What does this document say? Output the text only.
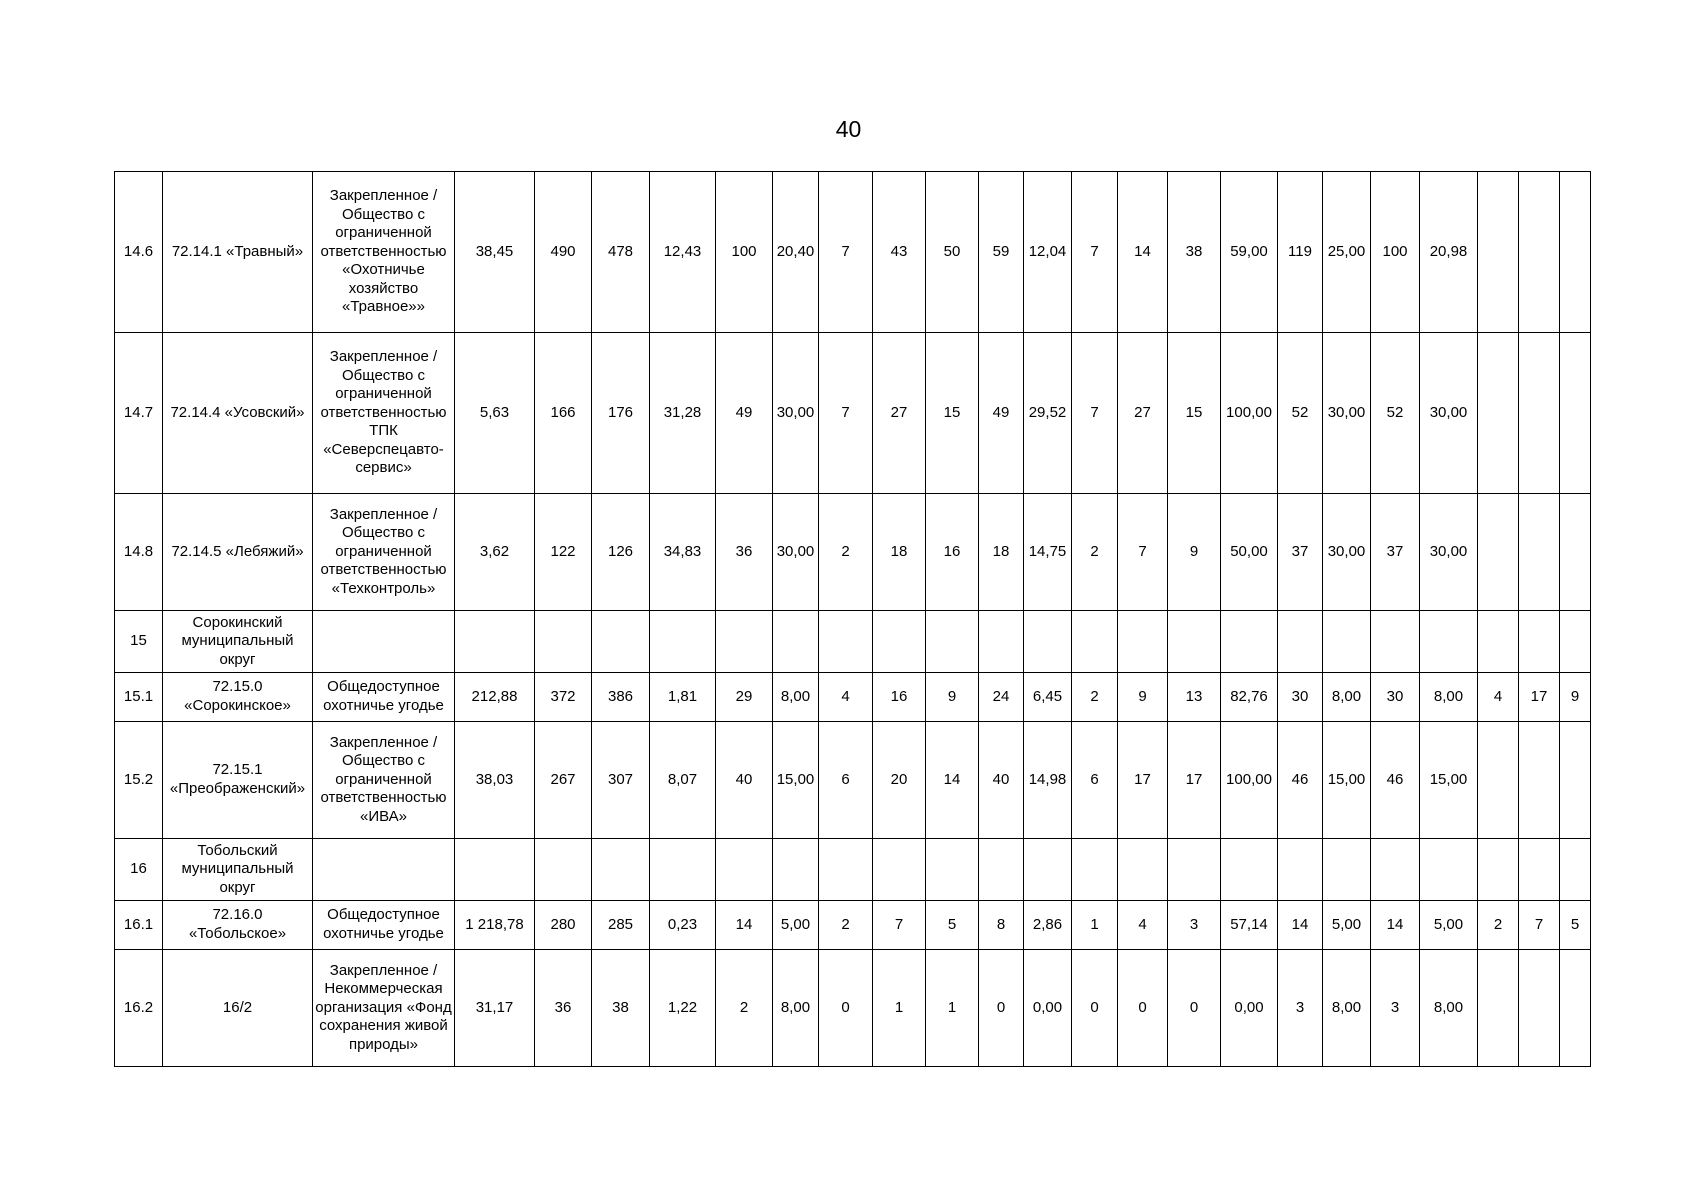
40
14.6	72.14.1 «Травный»	Закрепленное / Общество с ограниченной ответственностью «Охотничье хозяйство «Травное»»	38,45	490	478	12,43	100	20,40	7	43	50	59	12,04	7	14	38	59,00	119	25,00	100	20,98			
14.7	72.14.4 «Усовский»	Закрепленное / Общество с ограниченной ответственностью ТПК «Северспецавто-сервис»	5,63	166	176	31,28	49	30,00	7	27	15	49	29,52	7	27	15	100,00	52	30,00	52	30,00			
14.8	72.14.5 «Лебяжий»	Закрепленное / Общество с ограниченной ответственностью «Техконтроль»	3,62	122	126	34,83	36	30,00	2	18	16	18	14,75	2	7	9	50,00	37	30,00	37	30,00			
15	Сорокинский муниципальный округ																							
15.1	72.15.0 «Сорокинское»	Общедоступное охотничье угодье	212,88	372	386	1,81	29	8,00	4	16	9	24	6,45	2	9	13	82,76	30	8,00	30	8,00	4	17	9
15.2	72.15.1 «Преображенский»	Закрепленное / Общество с ограниченной ответственностью «ИВА»	38,03	267	307	8,07	40	15,00	6	20	14	40	14,98	6	17	17	100,00	46	15,00	46	15,00			
16	Тобольский муниципальный округ																							
16.1	72.16.0 «Тобольское»	Общедоступное охотничье угодье	1 218,78	280	285	0,23	14	5,00	2	7	5	8	2,86	1	4	3	57,14	14	5,00	14	5,00	2	7	5
16.2	16/2	Закрепленное / Некоммерческая организация «Фонд сохранения живой природы»	31,17	36	38	1,22	2	8,00	0	1	1	0	0,00	0	0	0	0,00	3	8,00	3	8,00			
